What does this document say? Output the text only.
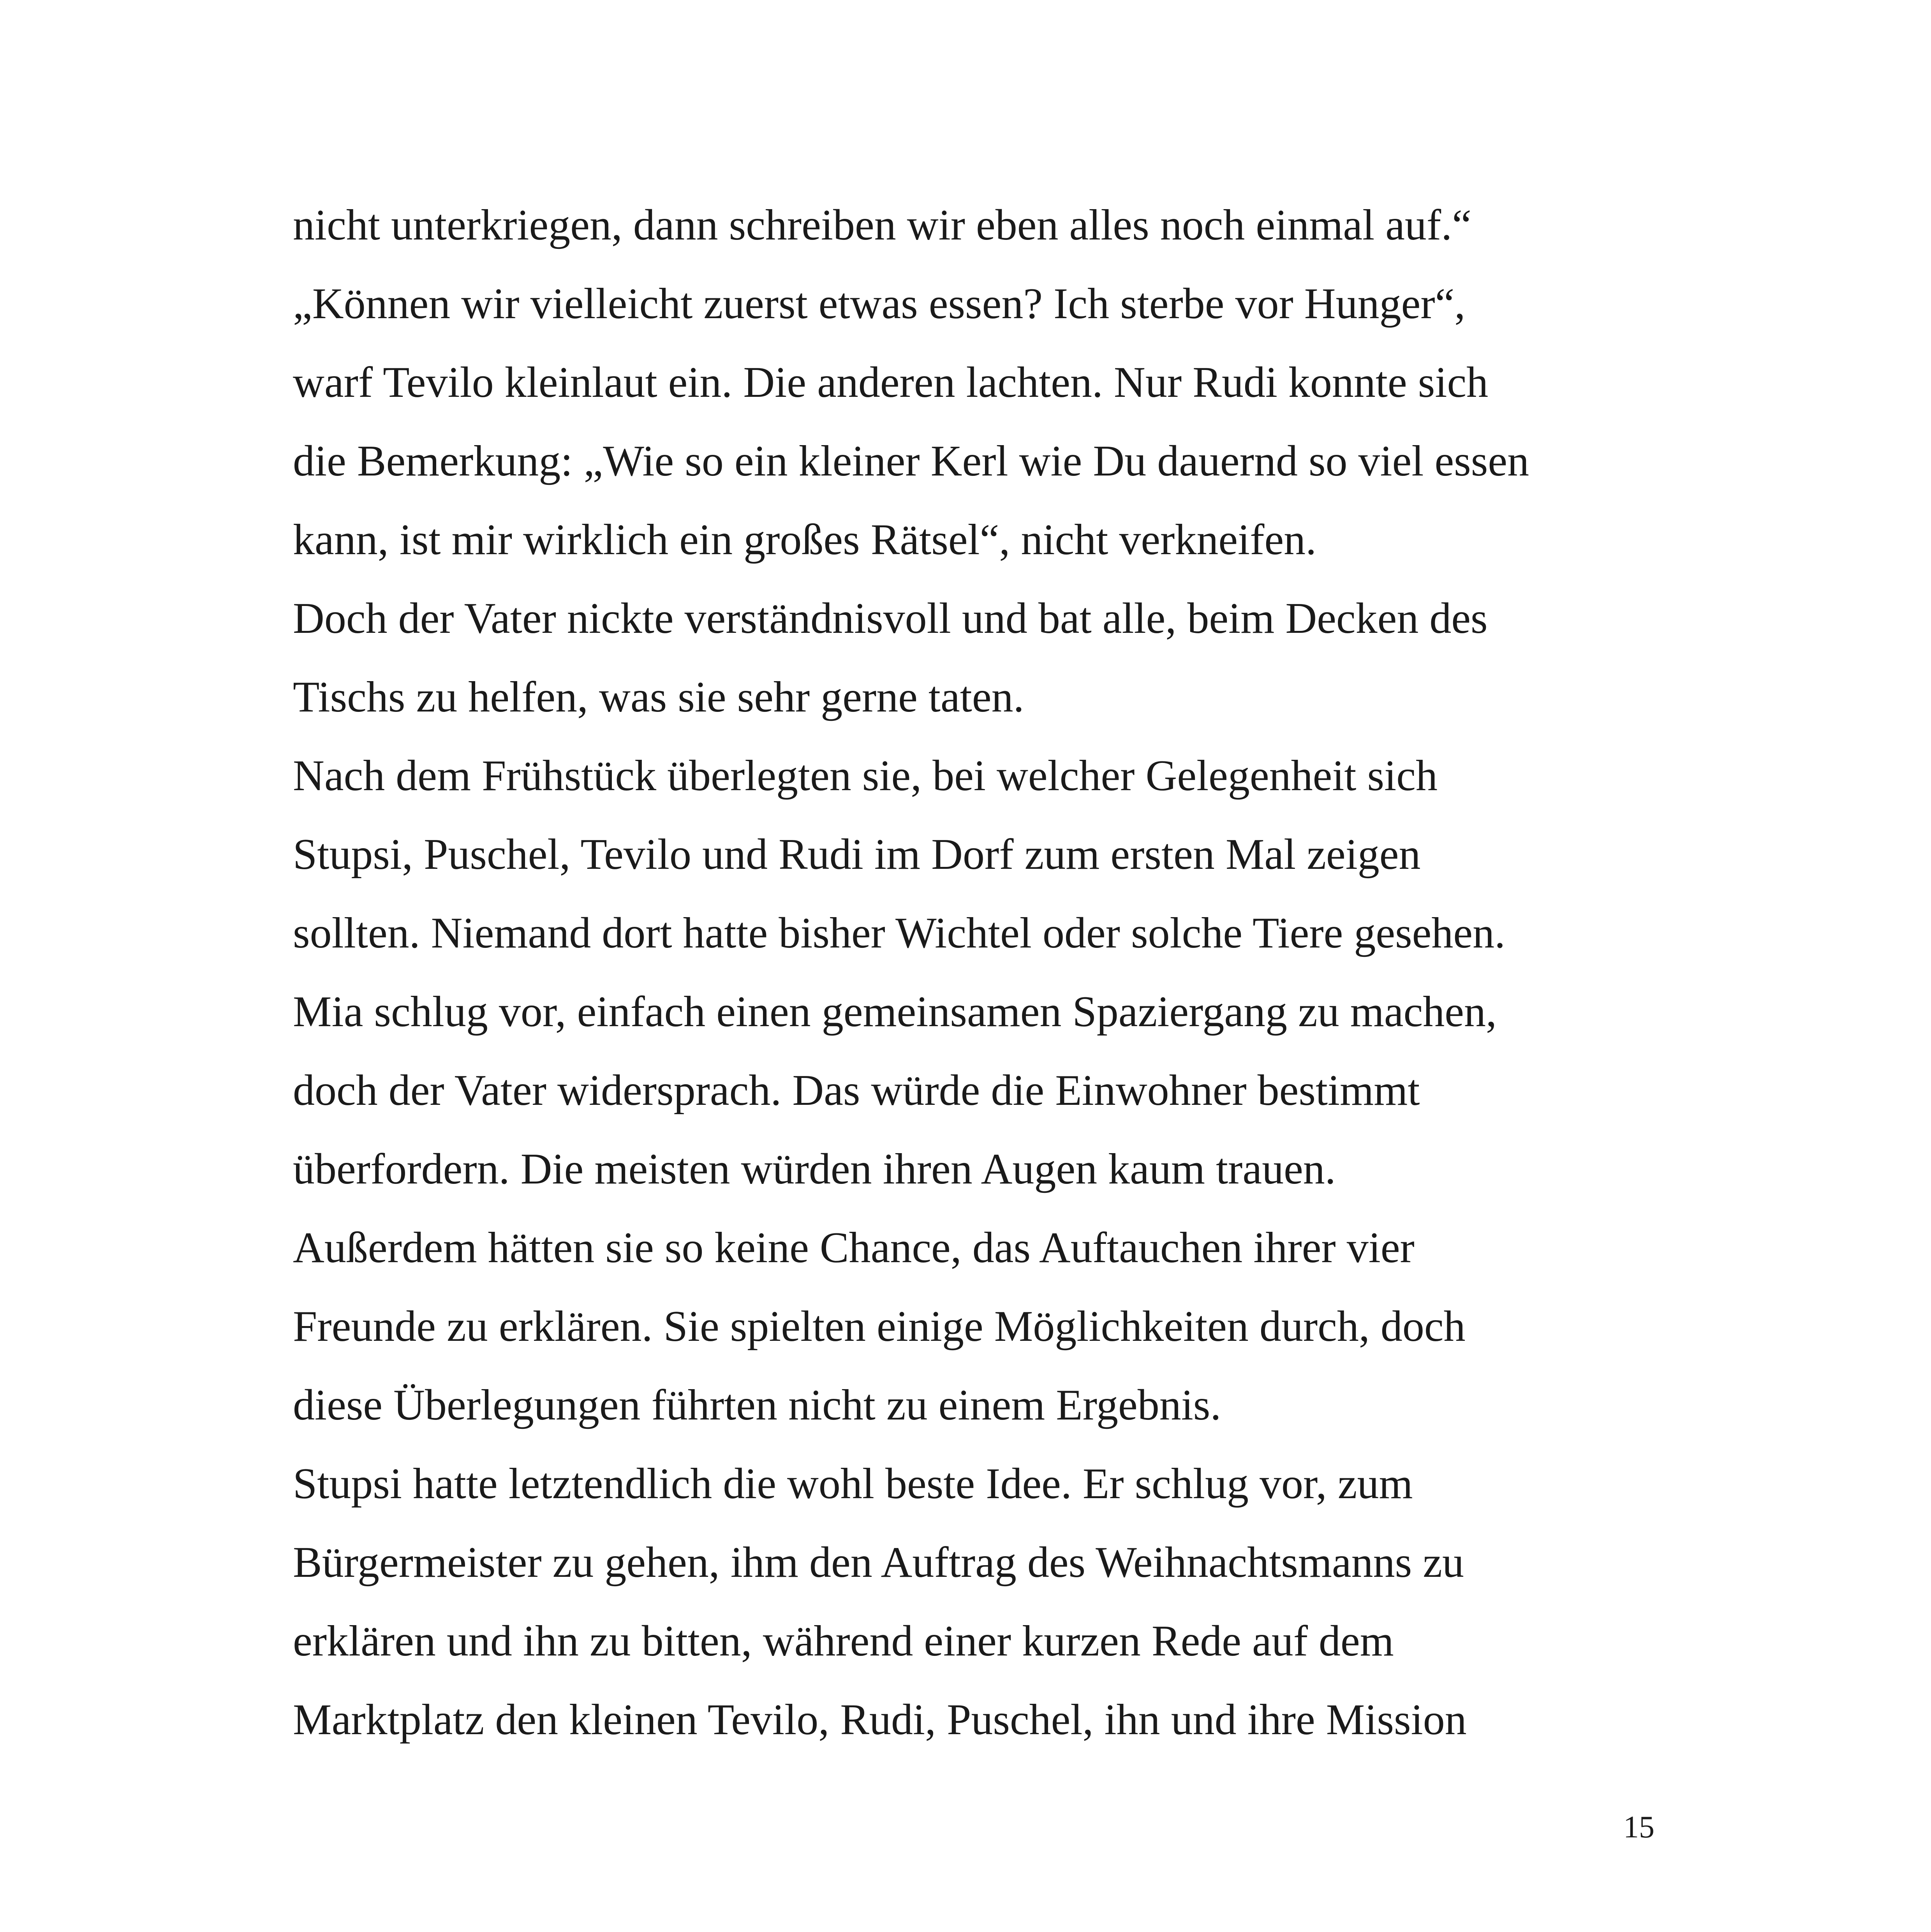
nicht unterkriegen, dann schreiben wir eben alles noch einmal auf.“
„Können wir vielleicht zuerst etwas essen? Ich sterbe vor Hunger“,
warf Tevilo kleinlaut ein. Die anderen lachten. Nur Rudi konnte sich
die Bemerkung: „Wie so ein kleiner Kerl wie Du dauernd so viel essen
kann, ist mir wirklich ein großes Rätsel“, nicht verkneifen.
Doch der Vater nickte verständnisvoll und bat alle, beim Decken des
Tischs zu helfen, was sie sehr gerne taten.
Nach dem Frühstück überlegten sie, bei welcher Gelegenheit sich
Stupsi, Puschel, Tevilo und Rudi im Dorf zum ersten Mal zeigen
sollten. Niemand dort hatte bisher Wichtel oder solche Tiere gesehen.
Mia schlug vor, einfach einen gemeinsamen Spaziergang zu machen,
doch der Vater widersprach. Das würde die Einwohner bestimmt
überfordern. Die meisten würden ihren Augen kaum trauen.
Außerdem hätten sie so keine Chance, das Auftauchen ihrer vier
Freunde zu erklären. Sie spielten einige Möglichkeiten durch, doch
diese Überlegungen führten nicht zu einem Ergebnis.
Stupsi hatte letztendlich die wohl beste Idee. Er schlug vor, zum
Bürgermeister zu gehen, ihm den Auftrag des Weihnachtsmanns zu
erklären und ihn zu bitten, während einer kurzen Rede auf dem
Marktplatz den kleinen Tevilo, Rudi, Puschel, ihn und ihre Mission
15
